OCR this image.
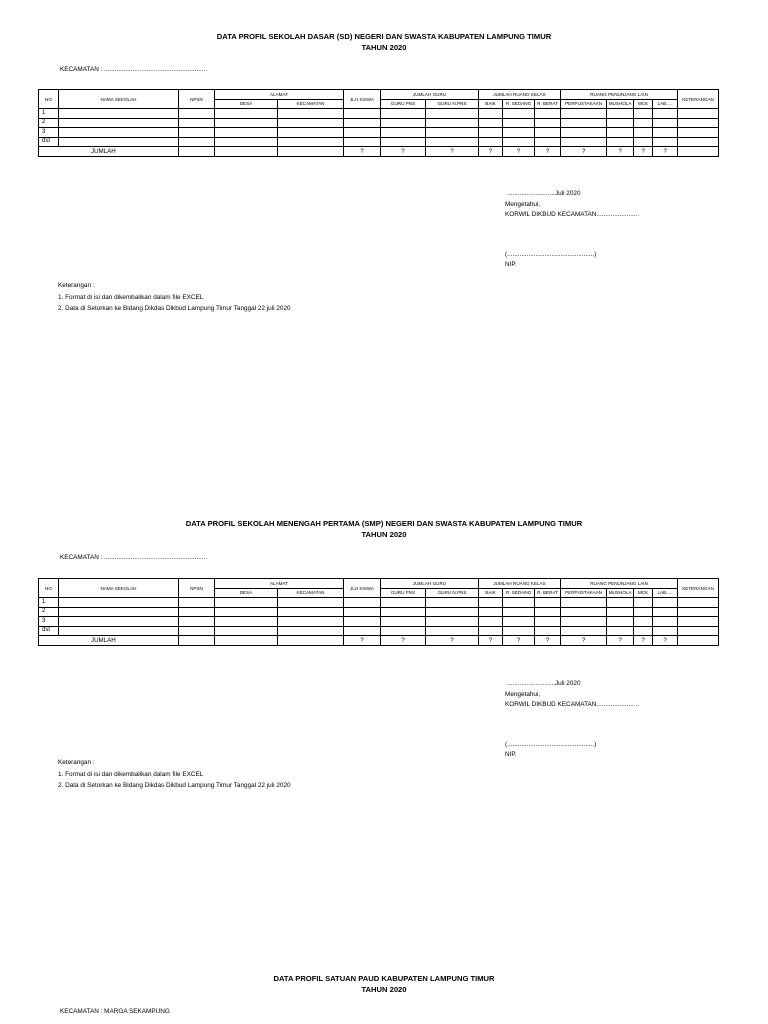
DATA PROFIL SEKOLAH DASAR (SD) NEGERI DAN SWASTA KABUPATEN LAMPUNG TIMUR
TAHUN 2020
KECAMATAN : ..........................................................
NO	NAMA SEKOLAH	NPSN	ALAMAT		JLH SISWA	JUMLAH GURU		JUMLAH RUANG KELAS			RUANG PENUNJANG LAIN				KETERANGAN
			DESA	KECAMATAN		GURU PNS	GURU N.PNS	BAIK	R. SEDANG	R. BERAT	PERPUSTAKAAN	MUSHOLA	MCK	LAB.....	
1															
2															
3															
dst															
JUMLAH					?	?	?	?	?	?	?	?	?	?	
...........................Juli 2020
Mengetahui,
KORWIL DIKBUD KECAMATAN........................
(.................................................)
NIP.
Keterangan :
1. Format di isi dan dikembalikan dalam file EXCEL
2. Data di Setorkan ke Bidang Dikdas Dikbud Lampung Timur Tanggal 22 juli 2020
DATA PROFIL SEKOLAH MENENGAH PERTAMA (SMP) NEGERI DAN SWASTA KABUPATEN LAMPUNG TIMUR
TAHUN 2020
KECAMATAN : ..........................................................
NO	NAMA SEKOLAH	NPSN	ALAMAT		JLH SISWA	JUMLAH GURU		JUMLAH RUANG KELAS			RUANG PENUNJANG LAIN				KETERANGAN
			DESA	KECAMATAN		GURU PNS	GURU N.PNS	BAIK	R. SEDANG	R. BERAT	PERPUSTAKAAN	MUSHOLA	MCK	LAB.....	
1															
2															
3															
dst															
JUMLAH					?	?	?	?	?	?	?	?	?	?	
...........................Juli 2020
Mengetahui,
KORWIL DIKBUD KECAMATAN........................
(.................................................)
NIP.
Keterangan :
1. Format di isi dan dikembalikan dalam file EXCEL
2. Data di Setorkan ke Bidang Dikdas Dikbud Lampung Timur Tanggal 22 juli 2020
DATA PROFIL SATUAN PAUD KABUPATEN LAMPUNG TIMUR
TAHUN 2020
KECAMATAN : MARGA SEKAMPUNG
